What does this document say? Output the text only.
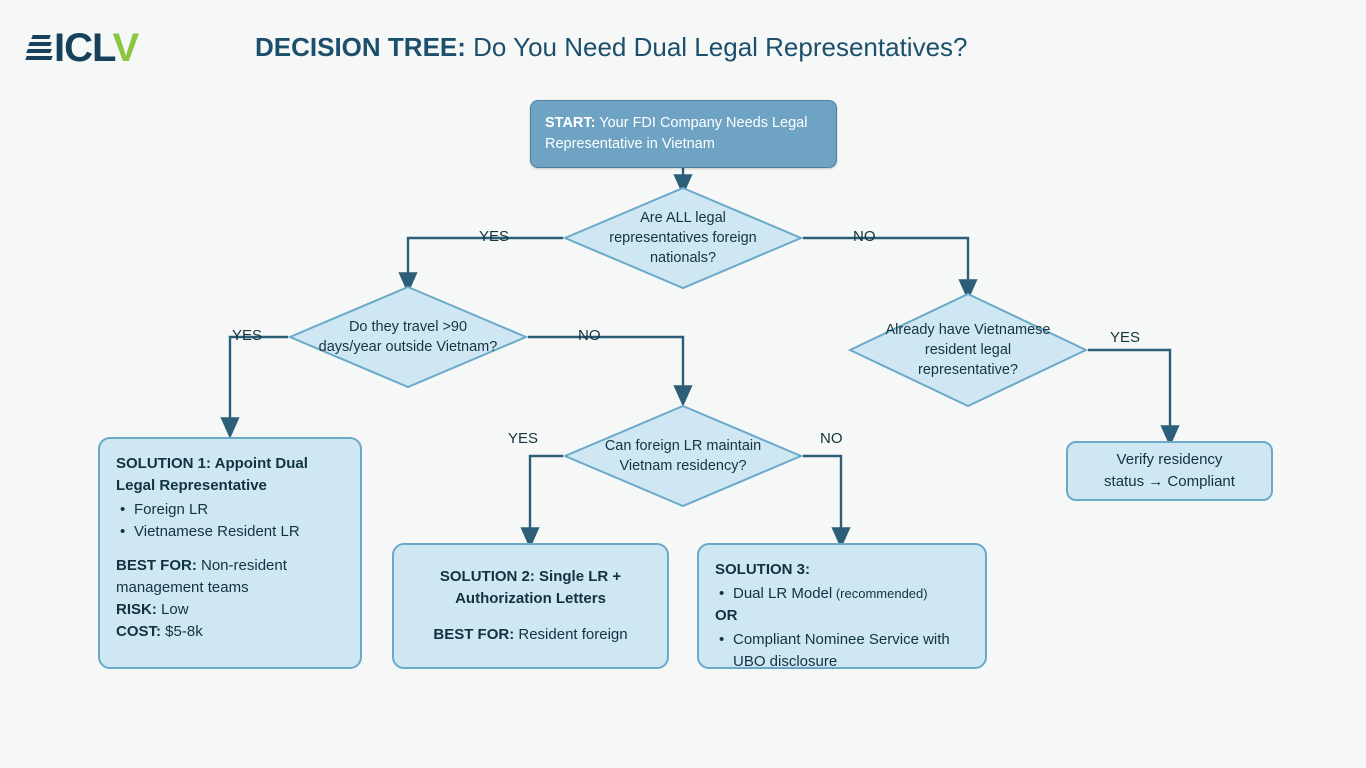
ICLV	DECISION TREE: Do You Need Dual Legal Representatives?
START: Your FDI Company Needs Legal Representative in Vietnam
Are ALL legal representatives foreign nationals?
Do they travel >90 days/year outside Vietnam?
Already have Vietnamese resident legal representative?
Can foreign LR maintain Vietnam residency?
YES	NO
YES	NO	YES
YES	NO
SOLUTION 1: Appoint Dual Legal Representative
• Foreign LR
• Vietnamese Resident LR
BEST FOR: Non-resident management teams
RISK: Low
COST: $5-8k
SOLUTION 2: Single LR + Authorization Letters
BEST FOR: Resident foreign
SOLUTION 3:
• Dual LR Model (recommended)
OR
• Compliant Nominee Service with UBO disclosure
Verify residency
status → Compliant
